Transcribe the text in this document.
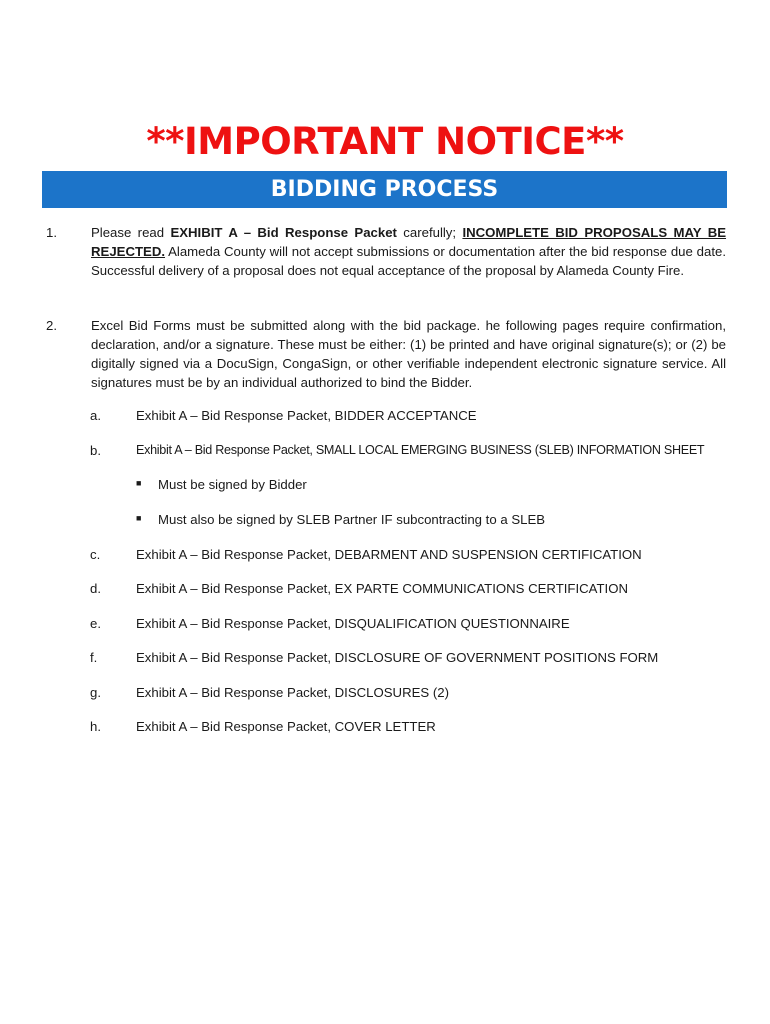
**IMPORTANT NOTICE**
BIDDING PROCESS
1.	Please read EXHIBIT A – Bid Response Packet carefully; INCOMPLETE BID PROPOSALS MAY BE REJECTED. Alameda County will not accept submissions or documentation after the bid response due date. Successful delivery of a proposal does not equal acceptance of the proposal by Alameda County Fire.
2.	Excel Bid Forms must be submitted along with the bid package. he following pages require confirmation, declaration, and/or a signature. These must be either: (1) be printed and have original signature(s); or (2) be digitally signed via a DocuSign, CongaSign, or other verifiable independent electronic signature service. All signatures must be by an individual authorized to bind the Bidder.
a.	Exhibit A – Bid Response Packet, BIDDER ACCEPTANCE
b.	Exhibit A – Bid Response Packet, SMALL LOCAL EMERGING BUSINESS (SLEB) INFORMATION SHEET
■ Must be signed by Bidder
■ Must also be signed by SLEB Partner IF subcontracting to a SLEB
c.	Exhibit A – Bid Response Packet, DEBARMENT AND SUSPENSION CERTIFICATION
d.	Exhibit A – Bid Response Packet, EX PARTE COMMUNICATIONS CERTIFICATION
e.	Exhibit A – Bid Response Packet, DISQUALIFICATION QUESTIONNAIRE
f.	Exhibit A – Bid Response Packet, DISCLOSURE OF GOVERNMENT POSITIONS FORM
g.	Exhibit A – Bid Response Packet, DISCLOSURES (2)
h.	Exhibit A – Bid Response Packet, COVER LETTER
